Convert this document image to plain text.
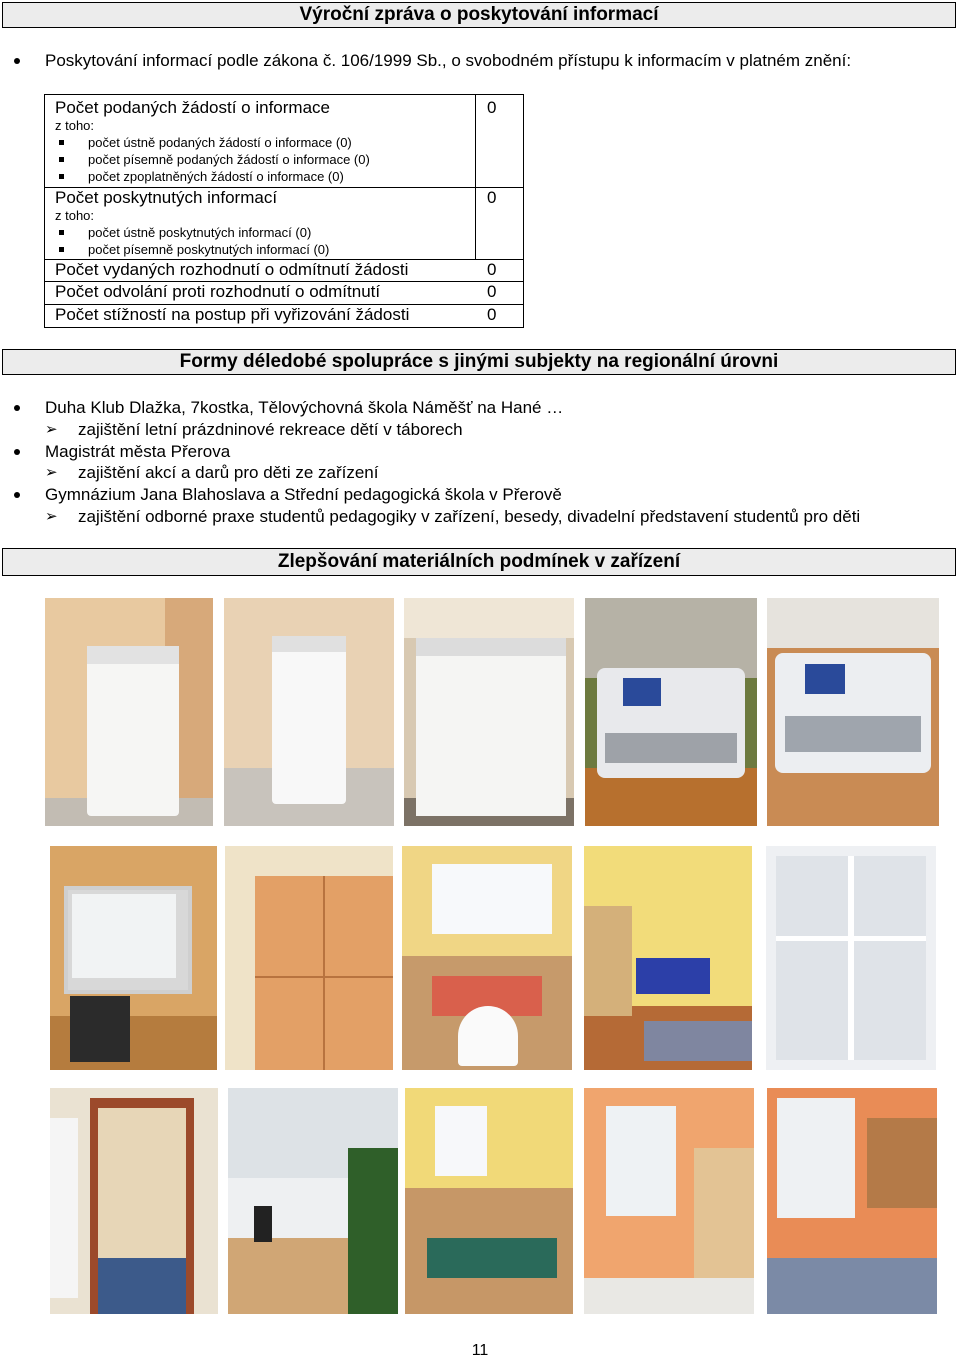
Výroční zpráva o poskytování informací
Poskytování informací podle zákona č. 106/1999 Sb., o svobodném přístupu k informacím v platném znění:
Počet podaných žádostí o informace	0
z toho:
počet ústně podaných žádostí o informace (0)
počet písemně podaných žádostí o informace (0)
počet zpoplatněných žádostí o informace (0)
Počet poskytnutých informací	0
z toho:
počet ústně poskytnutých informací (0)
počet písemně poskytnutých informací (0)
Počet vydaných rozhodnutí o odmítnutí žádosti	0
Počet odvolání proti rozhodnutí o odmítnutí	0
Počet stížností na postup při vyřizování žádosti	0
Formy déledobé spolupráce s jinými subjekty na regionální úrovni
Duha Klub Dlažka, 7kostka, Tělovýchovná škola Náměšť na Hané …
➢ zajištění letní prázdninové rekreace dětí v táborech
Magistrát města Přerova
➢ zajištění akcí a darů pro děti ze zařízení
Gymnázium Jana Blahoslava a Střední pedagogická škola v Přerově
➢ zajištění odborné praxe studentů pedagogiky v zařízení, besedy, divadelní představení studentů pro děti
Zlepšování materiálních podmínek v zařízení
11
